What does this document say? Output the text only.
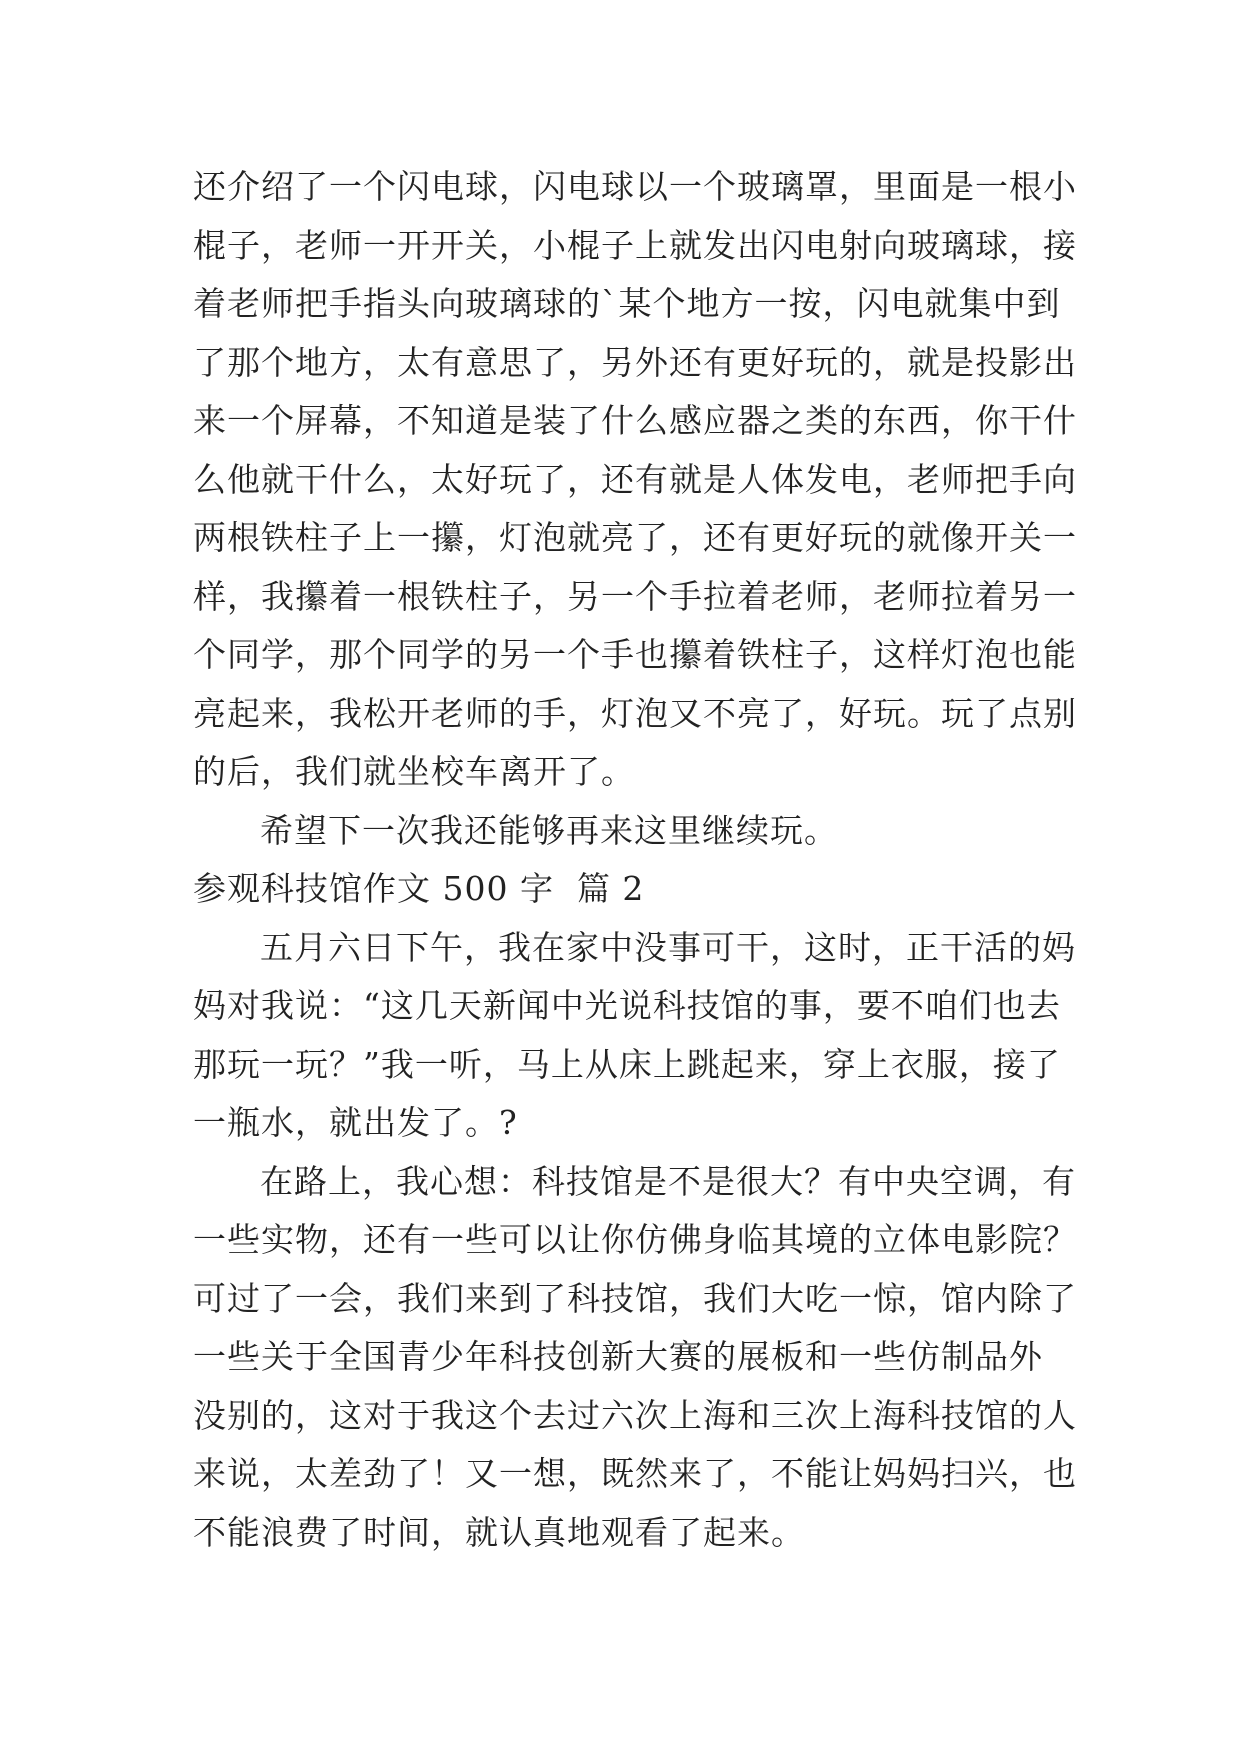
还介绍了一个闪电球，闪电球以一个玻璃罩，里面是一根小
棍子，老师一开开关，小棍子上就发出闪电射向玻璃球，接
着老师把手指头向玻璃球的`某个地方一按，闪电就集中到
了那个地方，太有意思了，另外还有更好玩的，就是投影出
来一个屏幕，不知道是装了什么感应器之类的东西，你干什
么他就干什么，太好玩了，还有就是人体发电，老师把手向
两根铁柱子上一攥，灯泡就亮了，还有更好玩的就像开关一
样，我攥着一根铁柱子，另一个手拉着老师，老师拉着另一
个同学，那个同学的另一个手也攥着铁柱子，这样灯泡也能
亮起来，我松开老师的手，灯泡又不亮了，好玩。玩了点别
的后，我们就坐校车离开了。
希望下一次我还能够再来这里继续玩。
参观科技馆作文 500 字  篇 2
五月六日下午，我在家中没事可干，这时，正干活的妈
妈对我说：“这几天新闻中光说科技馆的事，要不咱们也去
那玩一玩？”我一听，马上从床上跳起来，穿上衣服，接了
一瓶水，就出发了。?
在路上，我心想：科技馆是不是很大？有中央空调，有
一些实物，还有一些可以让你仿佛身临其境的立体电影院？
可过了一会，我们来到了科技馆，我们大吃一惊，馆内除了
一些关于全国青少年科技创新大赛的展板和一些仿制品外
没别的，这对于我这个去过六次上海和三次上海科技馆的人
来说，太差劲了！又一想，既然来了，不能让妈妈扫兴，也
不能浪费了时间，就认真地观看了起来。
